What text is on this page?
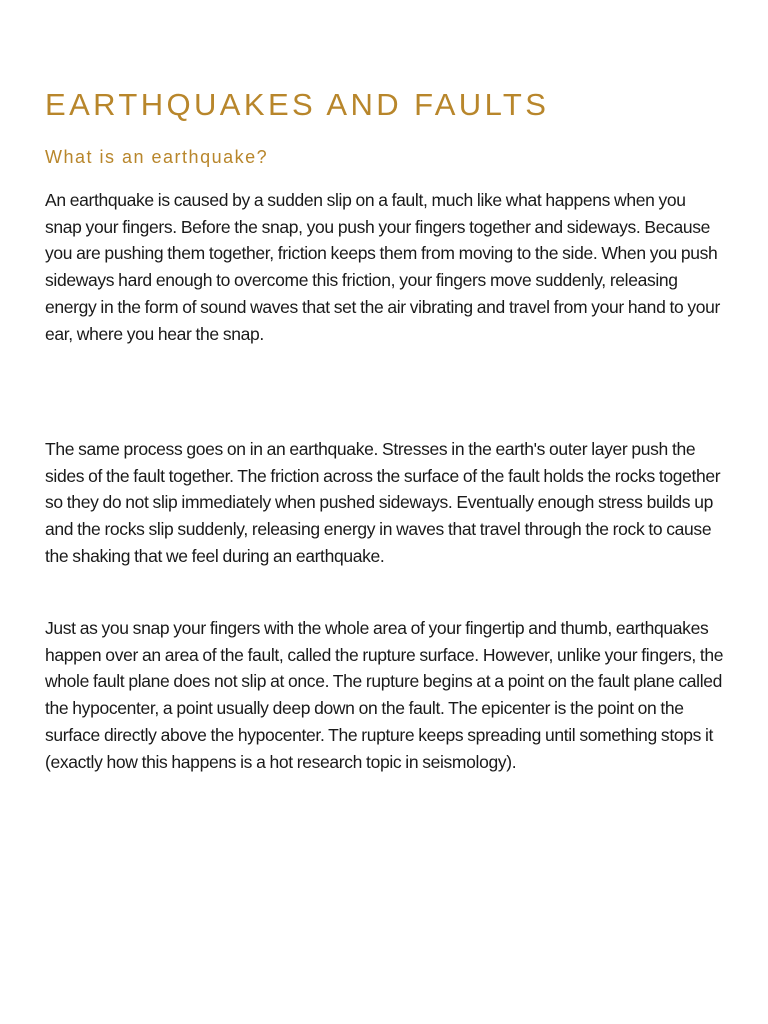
EARTHQUAKES AND FAULTS
What is an earthquake?

An earthquake is caused by a sudden slip on a fault, much like what happens when you snap your fingers. Before the snap, you push your fingers together and sideways. Because you are pushing them together, friction keeps them from moving to the side. When you push sideways hard enough to overcome this friction, your fingers move suddenly, releasing energy in the form of sound waves that set the air vibrating and travel from your hand to your ear, where you hear the snap.

The same process goes on in an earthquake. Stresses in the earth's outer layer push the sides of the fault together. The friction across the surface of the fault holds the rocks together so they do not slip immediately when pushed sideways. Eventually enough stress builds up and the rocks slip suddenly, releasing energy in waves that travel through the rock to cause the shaking that we feel during an earthquake.

Just as you snap your fingers with the whole area of your fingertip and thumb, earthquakes happen over an area of the fault, called the rupture surface. However, unlike your fingers, the whole fault plane does not slip at once. The rupture begins at a point on the fault plane called the hypocenter, a point usually deep down on the fault. The epicenter is the point on the surface directly above the hypocenter. The rupture keeps spreading until something stops it (exactly how this happens is a hot research topic in seismology).
